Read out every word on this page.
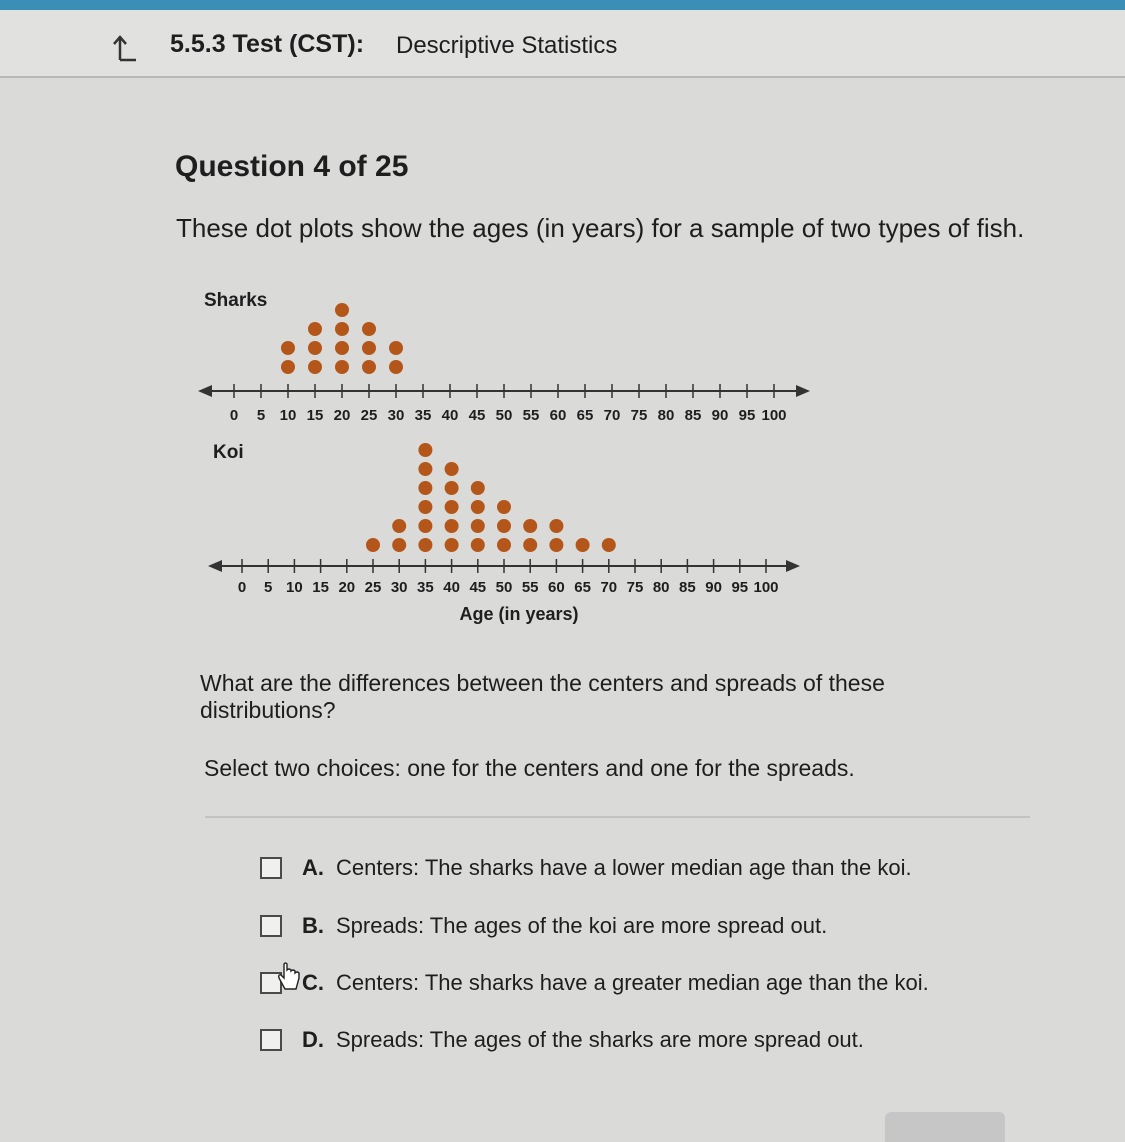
5.5.3 Test (CST): Descriptive Statistics
Question 4 of 25
These dot plots show the ages (in years) for a sample of two types of fish.
Sharks
0 5 10 15 20 25 30 35 40 45 50 55 60 65 70 75 80 85 90 95 100
Koi
0 5 10 15 20 25 30 35 40 45 50 55 60 65 70 75 80 85 90 95 100
Age (in years)
What are the differences between the centers and spreads of these distributions?
Select two choices: one for the centers and one for the spreads.
A. Centers: The sharks have a lower median age than the koi.
B. Spreads: The ages of the koi are more spread out.
C. Centers: The sharks have a greater median age than the koi.
D. Spreads: The ages of the sharks are more spread out.
